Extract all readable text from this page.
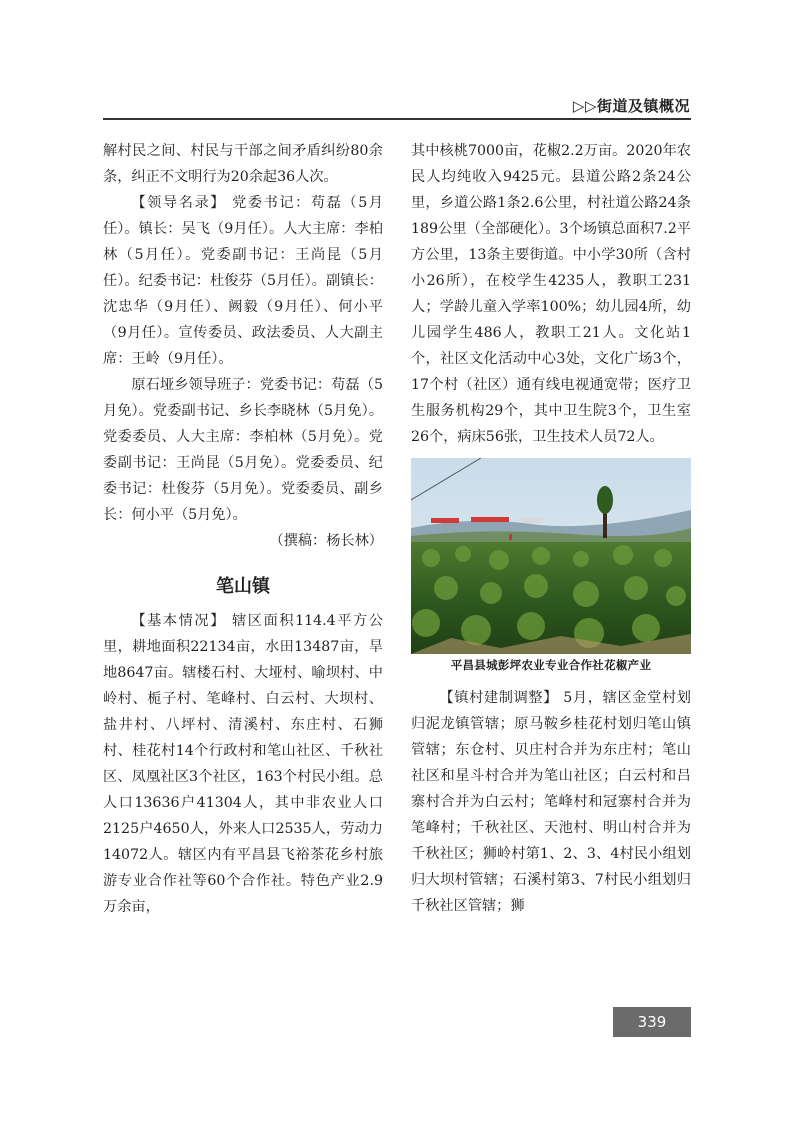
▷▷街道及镇概况

解村民之间、村民与干部之间矛盾纠纷80余条，纠正不文明行为20余起36人次。

【领导名录】 党委书记：苟磊（5月任）。镇长：吴飞（9月任）。人大主席：李柏林（5月任）。党委副书记：王尚昆（5月任）。纪委书记：杜俊芬（5月任）。副镇长：沈忠华（9月任）、阙毅（9月任）、何小平（9月任）。宣传委员、政法委员、人大副主席：王岭（9月任）。

原石垭乡领导班子：党委书记：苟磊（5月免）。党委副书记、乡长李晓林（5月免）。党委委员、人大主席：李柏林（5月免）。党委副书记：王尚昆（5月免）。党委委员、纪委书记：杜俊芬（5月免）。党委委员、副乡长：何小平（5月免）。

（撰稿：杨长林）

笔山镇

【基本情况】 辖区面积114.4平方公里，耕地面积22134亩，水田13487亩，旱地8647亩。辖楼石村、大垭村、喻坝村、中岭村、栀子村、笔峰村、白云村、大坝村、盐井村、八坪村、清溪村、东庄村、石狮村、桂花村14个行政村和笔山社区、千秋社区、凤凰社区3个社区，163个村民小组。总人口13636户41304人，其中非农业人口2125户4650人，外来人口2535人，劳动力14072人。辖区内有平昌县飞裕茶花乡村旅游专业合作社等60个合作社。特色产业2.9万余亩，

其中核桃7000亩，花椒2.2万亩。2020年农民人均纯收入9425元。县道公路2条24公里，乡道公路1条2.6公里，村社道公路24条189公里（全部硬化）。3个场镇总面积7.2平方公里，13条主要街道。中小学30所（含村小26所），在校学生4235人，教职工231人；学龄儿童入学率100%；幼儿园4所，幼儿园学生486人，教职工21人。文化站1个，社区文化活动中心3处，文化广场3个，17个村（社区）通有线电视通宽带；医疗卫生服务机构29个，其中卫生院3个，卫生室26个，病床56张，卫生技术人员72人。

平昌县城彭坪农业专业合作社花椒产业

【镇村建制调整】 5月，辖区金堂村划归泥龙镇管辖；原马鞍乡桂花村划归笔山镇管辖；东仓村、贝庄村合并为东庄村；笔山社区和星斗村合并为笔山社区；白云村和吕寨村合并为白云村；笔峰村和冠寨村合并为笔峰村；千秋社区、天池村、明山村合并为千秋社区；狮岭村第1、2、3、4村民小组划归大坝村管辖；石溪村第3、7村民小组划归千秋社区管辖；狮

339
